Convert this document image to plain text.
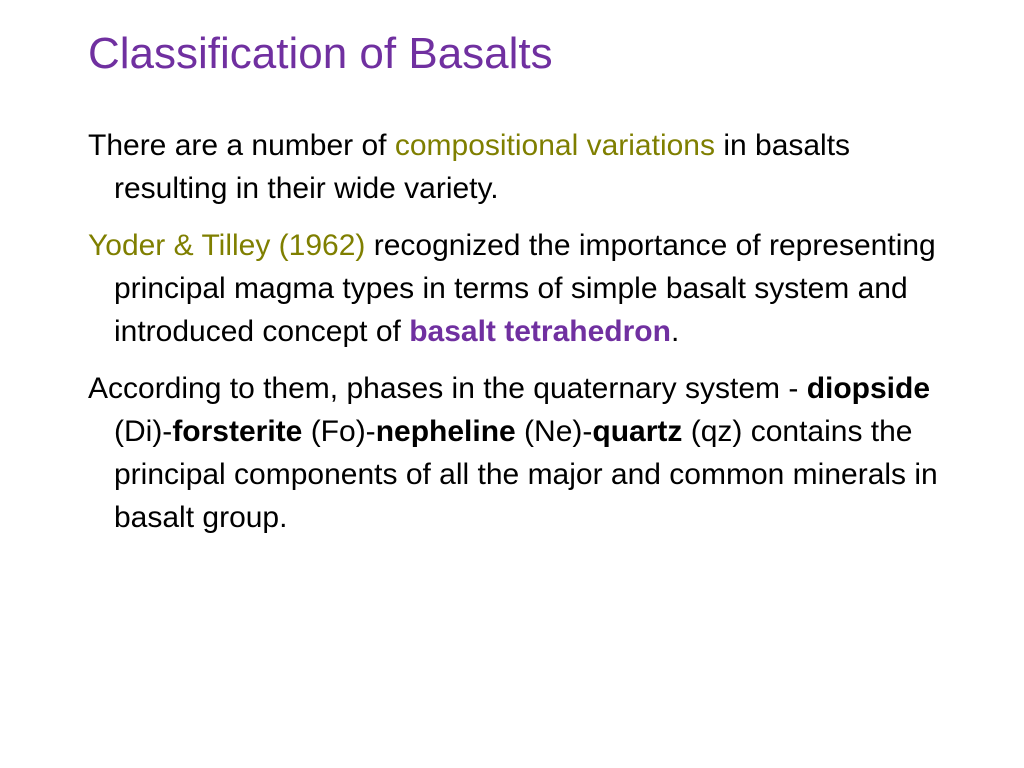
Classification of Basalts

There are a number of compositional variations in basalts resulting in their wide variety.

Yoder & Tilley (1962) recognized the importance of representing principal magma types in terms of simple basalt system and introduced concept of basalt tetrahedron.

According to them, phases in the quaternary system - diopside (Di)-forsterite (Fo)-nepheline (Ne)-quartz (qz) contains the principal components of all the major and common minerals in basalt group.
